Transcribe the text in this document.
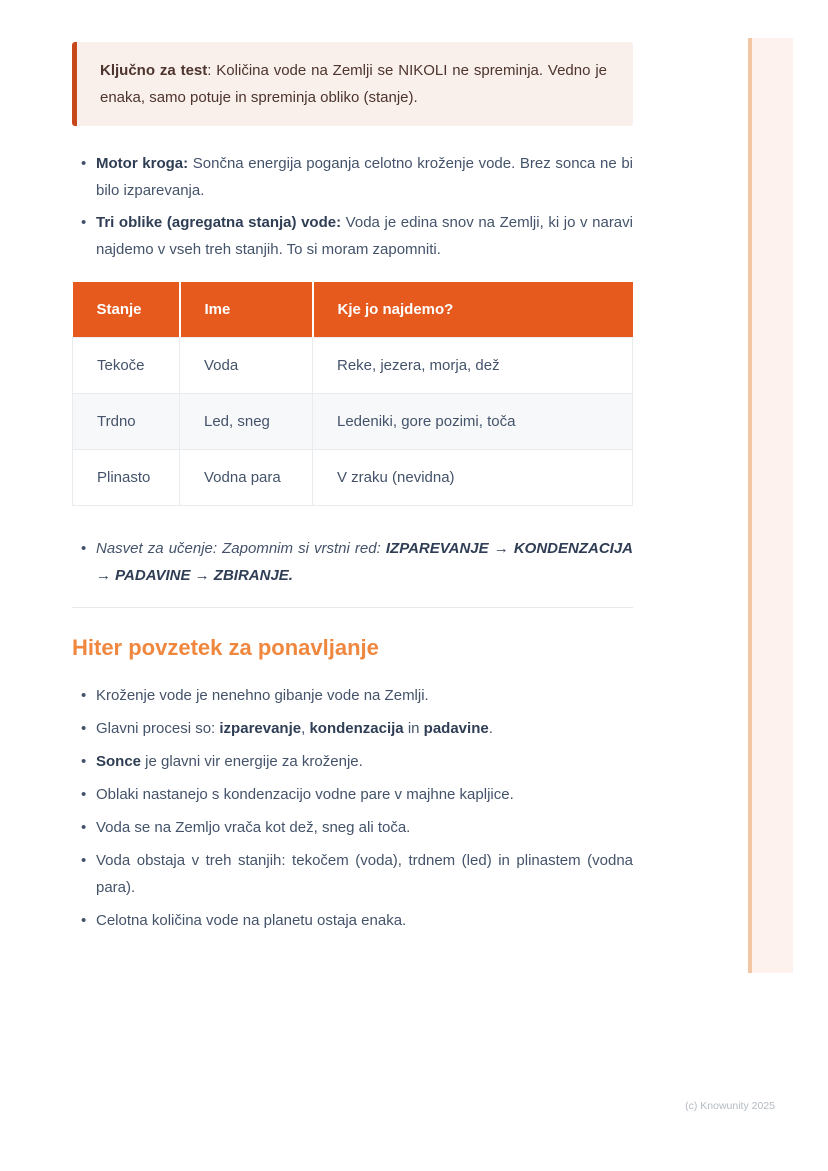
Ključno za test: Količina vode na Zemlji se NIKOLI ne spreminja. Vedno je enaka, samo potuje in spreminja obliko (stanje).
• Motor kroga: Sončna energija poganja celotno kroženje vode. Brez sonca ne bi bilo izparevanja.
• Tri oblike (agregatna stanja) vode: Voda je edina snov na Zemlji, ki jo v naravi najdemo v vseh treh stanjih. To si moram zapomniti.
Stanje	Ime	Kje jo najdemo?
Tekoče	Voda	Reke, jezera, morja, dež
Trdno	Led, sneg	Ledeniki, gore pozimi, toča
Plinasto	Vodna para	V zraku (nevidna)
• Nasvet za učenje: Zapomnim si vrstni red: IZPAREVANJE → KONDENZACIJA → PADAVINE → ZBIRANJE.
Hiter povzetek za ponavljanje
• Kroženje vode je nenehno gibanje vode na Zemlji.
• Glavni procesi so: izparevanje, kondenzacija in padavine.
• Sonce je glavni vir energije za kroženje.
• Oblaki nastanejo s kondenzacijo vodne pare v majhne kapljice.
• Voda se na Zemljo vrača kot dež, sneg ali toča.
• Voda obstaja v treh stanjih: tekočem (voda), trdnem (led) in plinastem (vodna para).
• Celotna količina vode na planetu ostaja enaka.
(c) Knowunity 2025
